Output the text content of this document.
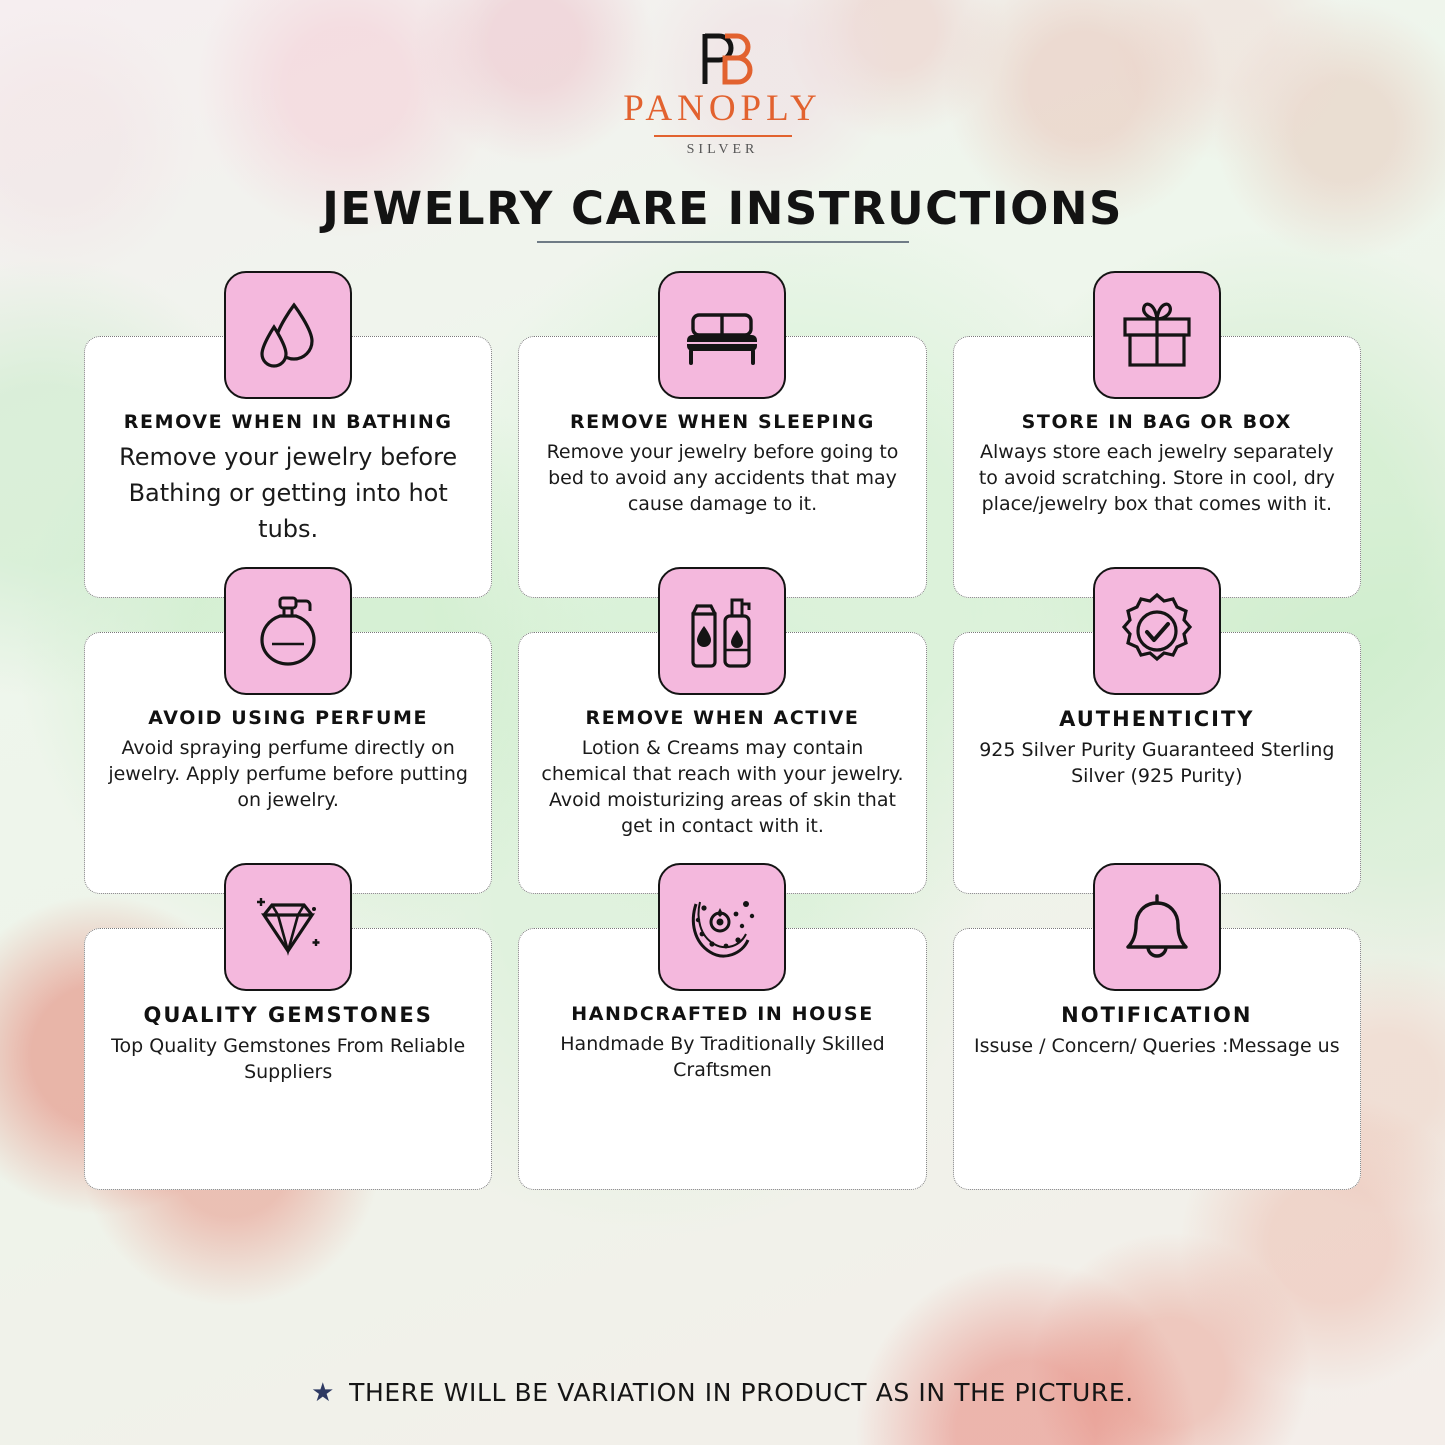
PANOPLY
SILVER
JEWELRY CARE INSTRUCTIONS
REMOVE WHEN IN BATHING
Remove your jewelry before Bathing or getting into hot tubs.
REMOVE WHEN SLEEPING
Remove your jewelry before going to bed to avoid any accidents that may cause damage to it.
STORE IN BAG OR BOX
Always store each jewelry separately to avoid scratching. Store in cool, dry place/jewelry box that comes with it.
AVOID USING PERFUME
Avoid spraying perfume directly on jewelry. Apply perfume before putting on jewelry.
REMOVE WHEN ACTIVE
Lotion & Creams may contain chemical that reach with your jewelry. Avoid moisturizing areas of skin that get in contact with it.
AUTHENTICITY
925 Silver Purity Guaranteed Sterling Silver (925 Purity)
QUALITY GEMSTONES
Top Quality Gemstones From Reliable Suppliers
HANDCRAFTED IN HOUSE
Handmade By Traditionally Skilled Craftsmen
NOTIFICATION
Issuse / Concern/ Queries :Message us
★ THERE WILL BE VARIATION IN PRODUCT AS IN THE PICTURE.
